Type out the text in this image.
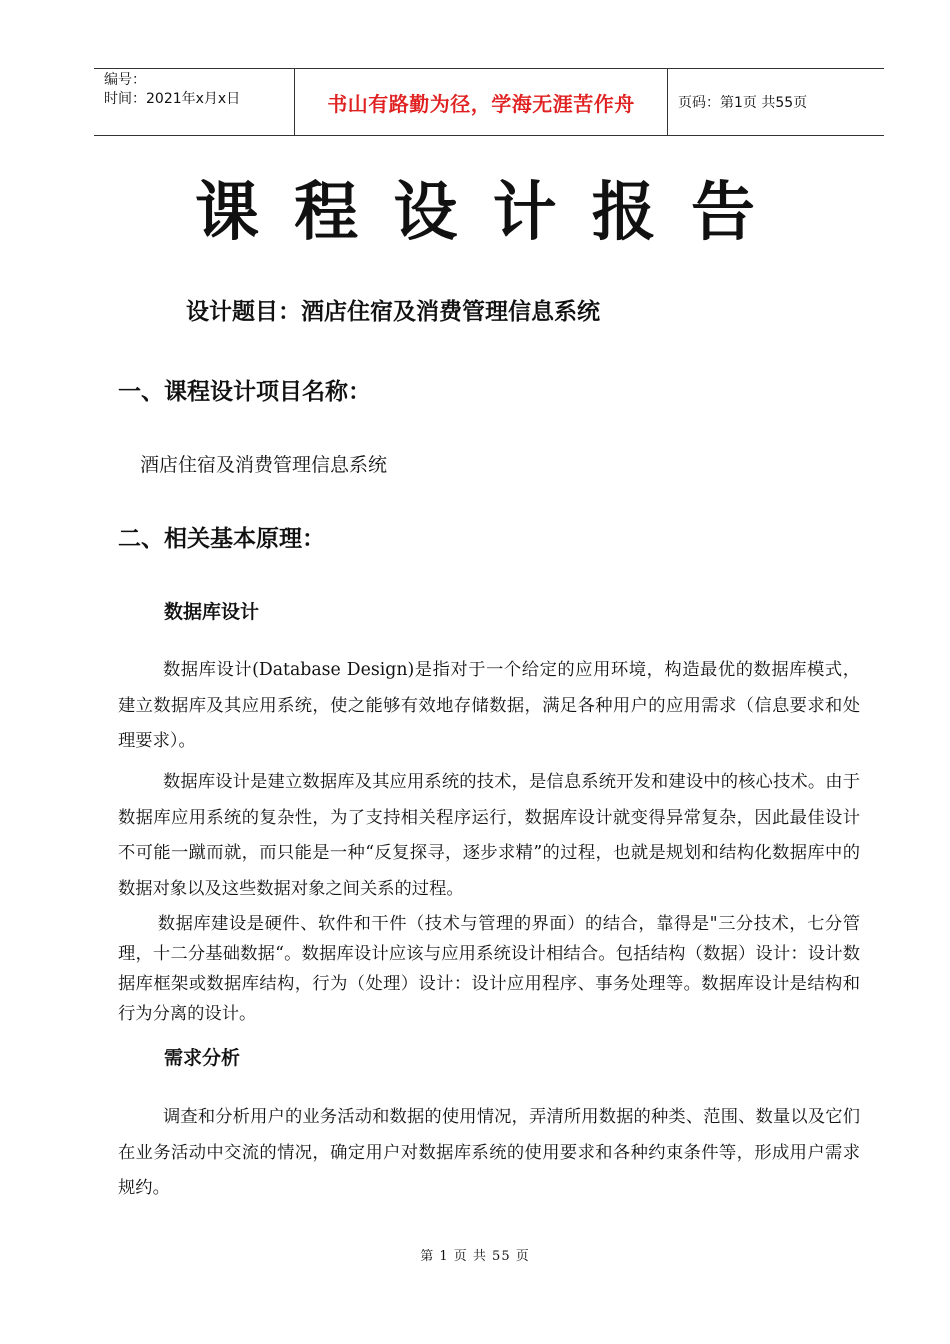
编号：
时间：2021年x月x日	书山有路勤为径，学海无涯苦作舟	页码：第1页 共55页
课程设计报告
设计题目：酒店住宿及消费管理信息系统
一、课程设计项目名称：
酒店住宿及消费管理信息系统
二、相关基本原理：
数据库设计
数据库设计(Database Design)是指对于一个给定的应用环境，构造最优的数据库模式，建立数据库及其应用系统，使之能够有效地存储数据，满足各种用户的应用需求（信息要求和处理要求）。
数据库设计是建立数据库及其应用系统的技术，是信息系统开发和建设中的核心技术。由于数据库应用系统的复杂性，为了支持相关程序运行，数据库设计就变得异常复杂，因此最佳设计不可能一蹴而就，而只能是一种“反复探寻，逐步求精”的过程，也就是规划和结构化数据库中的数据对象以及这些数据对象之间关系的过程。
数据库建设是硬件、软件和干件（技术与管理的界面）的结合，靠得是"三分技术，七分管理，十二分基础数据“。数据库设计应该与应用系统设计相结合。包括结构（数据）设计：设计数据库框架或数据库结构，行为（处理）设计：设计应用程序、事务处理等。数据库设计是结构和行为分离的设计。
需求分析
调查和分析用户的业务活动和数据的使用情况，弄清所用数据的种类、范围、数量以及它们在业务活动中交流的情况，确定用户对数据库系统的使用要求和各种约束条件等，形成用户需求规约。
第 1 页 共 55 页
